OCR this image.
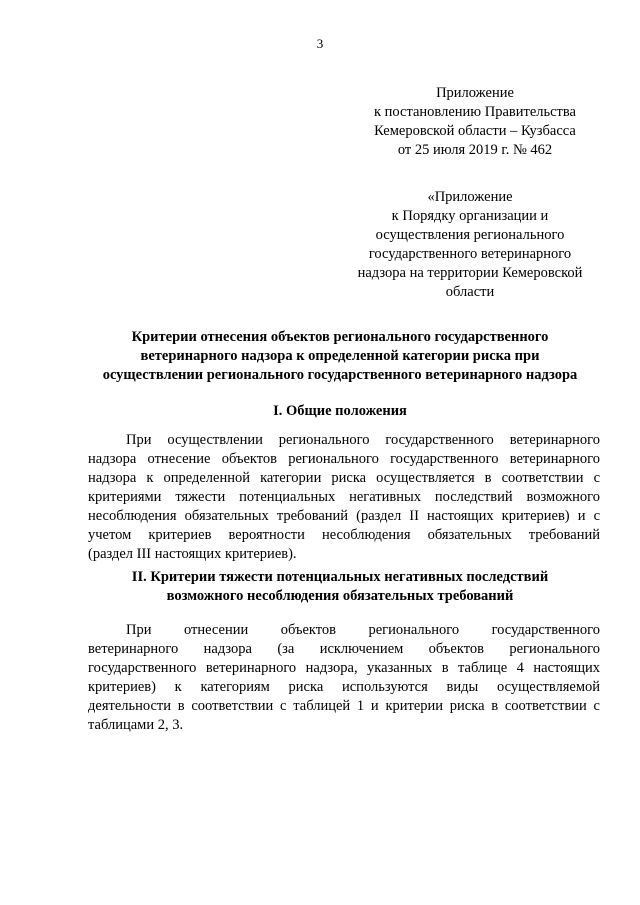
3
Приложение
к постановлению Правительства
Кемеровской области – Кузбасса
от 25 июля 2019 г. № 462
«Приложение
к Порядку организации и
осуществления регионального
государственного ветеринарного
надзора на территории Кемеровской
области
Критерии отнесения объектов регионального государственного
ветеринарного надзора к определенной категории риска при
осуществлении регионального государственного ветеринарного надзора
I. Общие положения
При осуществлении регионального государственного ветеринарного
надзора отнесение объектов регионального государственного ветеринарного
надзора к определенной категории риска осуществляется в соответствии с
критериями тяжести потенциальных негативных последствий возможного
несоблюдения обязательных требований (раздел II настоящих критериев) и с
учетом критериев вероятности несоблюдения обязательных требований
(раздел III настоящих критериев).
II. Критерии тяжести потенциальных негативных последствий
возможного несоблюдения обязательных требований
При отнесении объектов регионального государственного
ветеринарного надзора (за исключением объектов регионального
государственного ветеринарного надзора, указанных в таблице 4 настоящих
критериев) к категориям риска используются виды осуществляемой
деятельности в соответствии с таблицей 1 и критерии риска в соответствии с
таблицами 2, 3.
